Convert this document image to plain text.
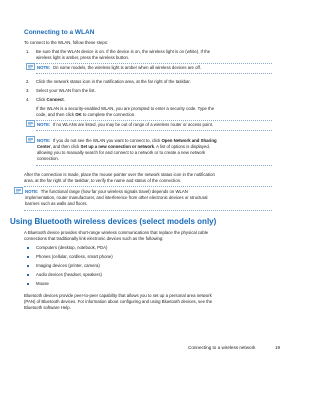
Connecting to a WLAN
To connect to the WLAN, follow these steps:
1. Be sure that the WLAN device is on. If the device is on, the wireless light is on (white). If the
wireless light is amber, press the wireless button.
NOTE: On some models, the wireless light is amber when all wireless devices are off.
2. Click the network status icon in the notification area, at the far right of the taskbar.
3. Select your WLAN from the list.
4. Click Connect.
If the WLAN is a security-enabled WLAN, you are prompted to enter a security code. Type the
code, and then click OK to complete the connection.
NOTE: If no WLANs are listed, you may be out of range of a wireless router or access point.
NOTE: If you do not see the WLAN you want to connect to, click Open Network and Sharing
Center, and then click Set up a new connection or network. A list of options is displayed,
allowing you to manually search for and connect to a network or to create a new network
connection.
After the connection is made, place the mouse pointer over the network status icon in the notification
area, at the far right of the taskbar, to verify the name and status of the connection.
NOTE: The functional range (how far your wireless signals travel) depends on WLAN
implementation, router manufacturer, and interference from other electronic devices or structural
barriers such as walls and floors.
Using Bluetooth wireless devices (select models only)
A Bluetooth device provides short-range wireless communications that replace the physical cable
connections that traditionally link electronic devices such as the following:
Computers (desktop, notebook, PDA)
Phones (cellular, cordless, smart phone)
Imaging devices (printer, camera)
Audio devices (headset, speakers)
Mouse
Bluetooth devices provide peer-to-peer capability that allows you to set up a personal area network
(PAN) of Bluetooth devices. For information about configuring and using Bluetooth devices, see the
Bluetooth software Help.
Connecting to a wireless network	19
